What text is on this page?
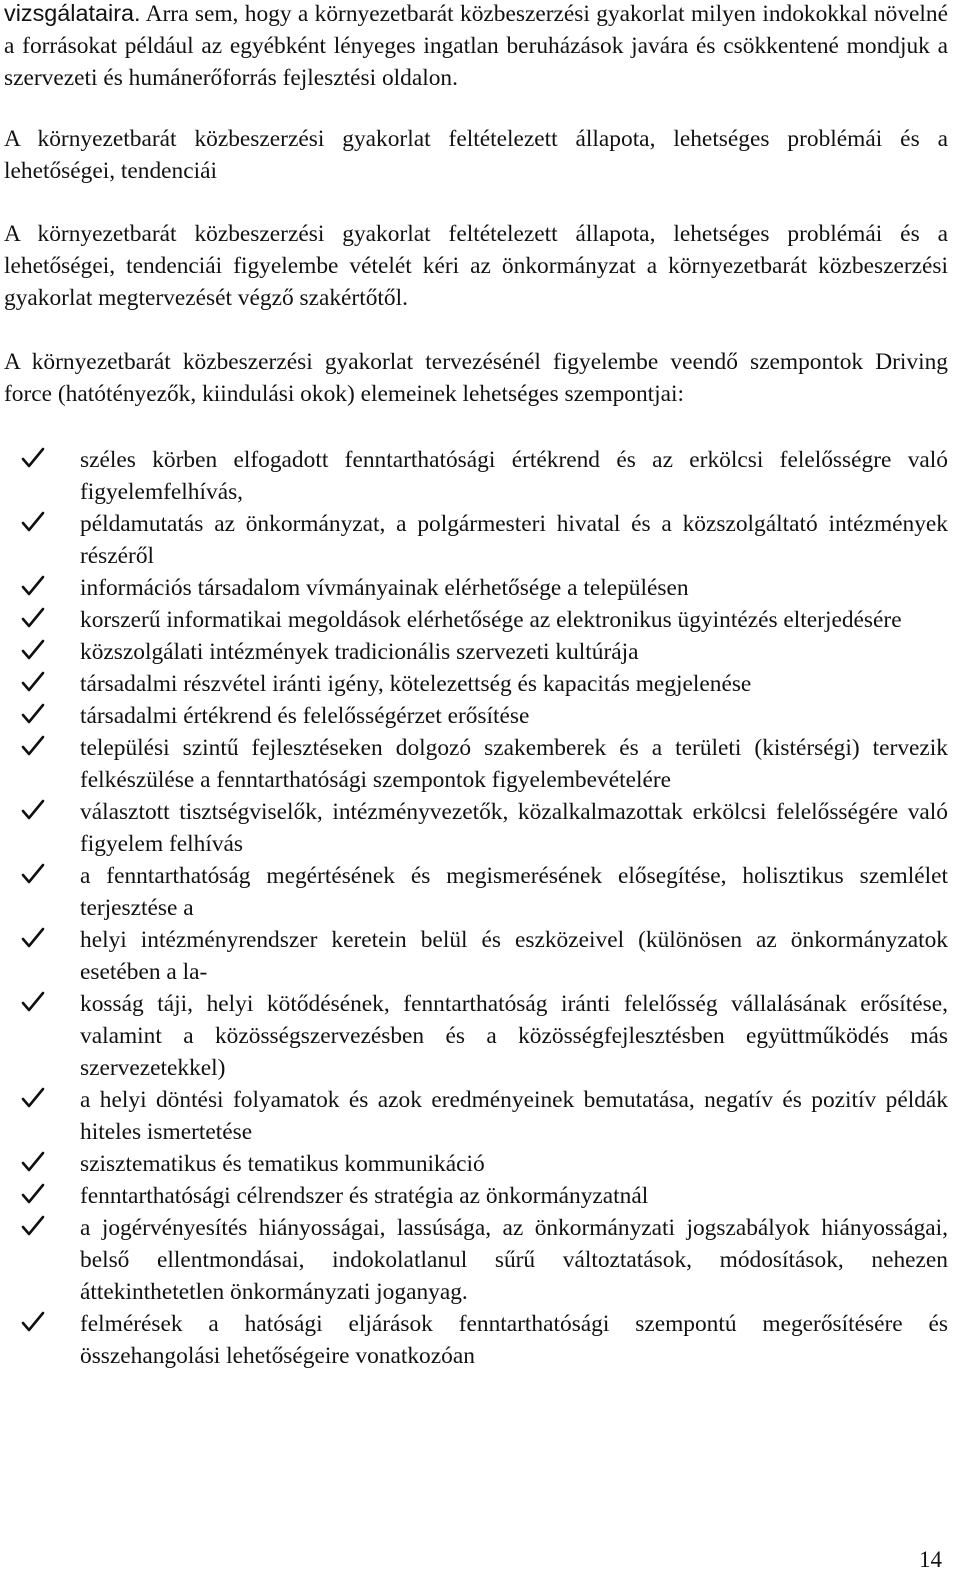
vizsgálataira. Arra sem, hogy a környezetbarát közbeszerzési gyakorlat milyen indokokkal növelné a forrásokat például az egyébként lényeges ingatlan beruházások javára és csökkentené mondjuk a szervezeti és humánerőforrás fejlesztési oldalon.

A környezetbarát közbeszerzési gyakorlat feltételezett állapota, lehetséges problémái és a lehetőségei, tendenciái

A környezetbarát közbeszerzési gyakorlat feltételezett állapota, lehetséges problémái és a lehetőségei, tendenciái figyelembe vételét kéri az önkormányzat a környezetbarát közbeszerzési gyakorlat megtervezését végző szakértőtől.

A környezetbarát közbeszerzési gyakorlat tervezésénél figyelembe veendő szempontok Driving force (hatótényezők, kiindulási okok) elemeinek lehetséges szempontjai:

széles körben elfogadott fenntarthatósági értékrend és az erkölcsi felelősségre való figyelemfelhívás,
példamutatás az önkormányzat, a polgármesteri hivatal és a közszolgáltató intézmények részéről
információs társadalom vívmányainak elérhetősége a településen
korszerű informatikai megoldások elérhetősége az elektronikus ügyintézés elterjedésére
közszolgálati intézmények tradicionális szervezeti kultúrája
társadalmi részvétel iránti igény, kötelezettség és kapacitás megjelenése
társadalmi értékrend és felelősségérzet erősítése
települési szintű fejlesztéseken dolgozó szakemberek és a területi (kistérségi) tervezik felkészülése a fenntarthatósági szempontok figyelembevételére
választott tisztségviselők, intézményvezetők, közalkalmazottak erkölcsi felelősségére való figyelem felhívás
a fenntarthatóság megértésének és megismerésének elősegítése, holisztikus szemlélet terjesztése a
helyi intézményrendszer keretein belül és eszközeivel (különösen az önkormányzatok esetében a la-
kosság táji, helyi kötődésének, fenntarthatóság iránti felelősség vállalásának erősítése, valamint a közösségszervezésben és a közösségfejlesztésben együttműködés más szervezetekkel)
a helyi döntési folyamatok és azok eredményeinek bemutatása, negatív és pozitív példák hiteles ismertetése
szisztematikus és tematikus kommunikáció
fenntarthatósági célrendszer és stratégia az önkormányzatnál
a jogérvényesítés hiányosságai, lassúsága, az önkormányzati jogszabályok hiányosságai, belső ellentmondásai, indokolatlanul sűrű változtatások, módosítások, nehezen áttekinthetetlen önkormányzati joganyag.
felmérések a hatósági eljárások fenntarthatósági szempontú megerősítésére és összehangolási lehetőségeire vonatkozóan
14
